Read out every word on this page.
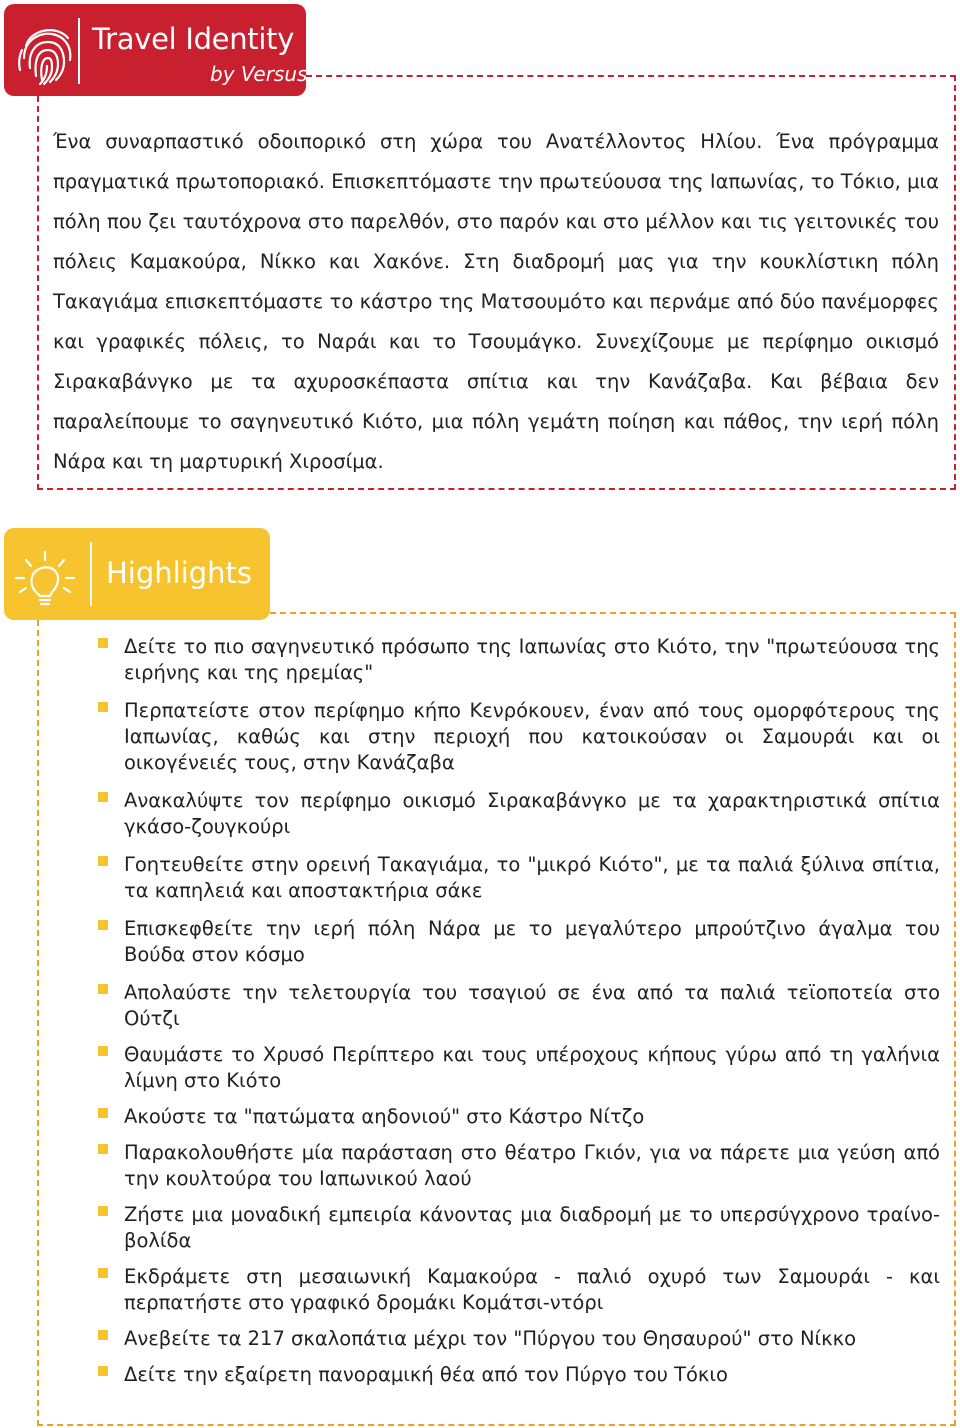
Travel Identity
by Versus

Ένα συναρπαστικό οδοιπορικό στη χώρα του Ανατέλλοντος Ηλίου. Ένα πρόγραμμα πραγματικά πρωτοποριακό. Επισκεπτόμαστε την πρωτεύουσα της Ιαπωνίας, το Τόκιο, μια πόλη που ζει ταυτόχρονα στο παρελθόν, στο παρόν και στο μέλλον και τις γειτονικές του πόλεις Καμακούρα, Νίκκο και Χακόνε. Στη διαδρομή μας για την κουκλίστικη πόλη Τακαγιάμα επισκεπτόμαστε το κάστρο της Ματσουμότο και περνάμε από δύο πανέμορφες και γραφικές πόλεις, το Ναράι και το Τσουμάγκο. Συνεχίζουμε με περίφημο οικισμό Σιρακαβάνγκο με τα αχυροσκέπαστα σπίτια και την Κανάζαβα. Και βέβαια δεν παραλείπουμε το σαγηνευτικό Κιότο, μια πόλη γεμάτη ποίηση και πάθος, την ιερή πόλη Νάρα και τη μαρτυρική Χιροσίμα.

Highlights
Δείτε το πιο σαγηνευτικό πρόσωπο της Ιαπωνίας στο Κιότο, την "πρωτεύουσα της ειρήνης και της ηρεμίας"
Περπατείστε στον περίφημο κήπο Κενρόκουεν, έναν από τους ομορφότερους της Ιαπωνίας, καθώς και στην περιοχή που κατοικούσαν οι Σαμουράι και οι οικογένειές τους, στην Κανάζαβα
Ανακαλύψτε τον περίφημο οικισμό Σιρακαβάνγκο με τα χαρακτηριστικά σπίτια γκάσο-ζουγκούρι
Γοητευθείτε στην ορεινή Τακαγιάμα, το "μικρό Κιότο", με τα παλιά ξύλινα σπίτια, τα καπηλειά και αποστακτήρια σάκε
Επισκεφθείτε την ιερή πόλη Νάρα με το μεγαλύτερο μπρούτζινο άγαλμα του Βούδα στον κόσμο
Απολαύστε την τελετουργία του τσαγιού σε ένα από τα παλιά τεϊοποτεία στο Ούτζι
Θαυμάστε το Χρυσό Περίπτερο και τους υπέροχους κήπους γύρω από τη γαλήνια λίμνη στο Κιότο
Ακούστε τα "πατώματα αηδονιού" στο Κάστρο Νίτζο
Παρακολουθήστε μία παράσταση στο θέατρο Γκιόν, για να πάρετε μια γεύση από την κουλτούρα του Ιαπωνικού λαού
Ζήστε μια μοναδική εμπειρία κάνοντας μια διαδρομή με το υπερσύγχρονο τραίνο-βολίδα
Εκδράμετε στη μεσαιωνική Καμακούρα - παλιό οχυρό των Σαμουράι - και περπατήστε στο γραφικό δρομάκι Κομάτσι-ντόρι
Ανεβείτε τα 217 σκαλοπάτια μέχρι τον "Πύργου του Θησαυρού" στο Νίκκο
Δείτε την εξαίρετη πανοραμική θέα από τον Πύργο του Τόκιο
